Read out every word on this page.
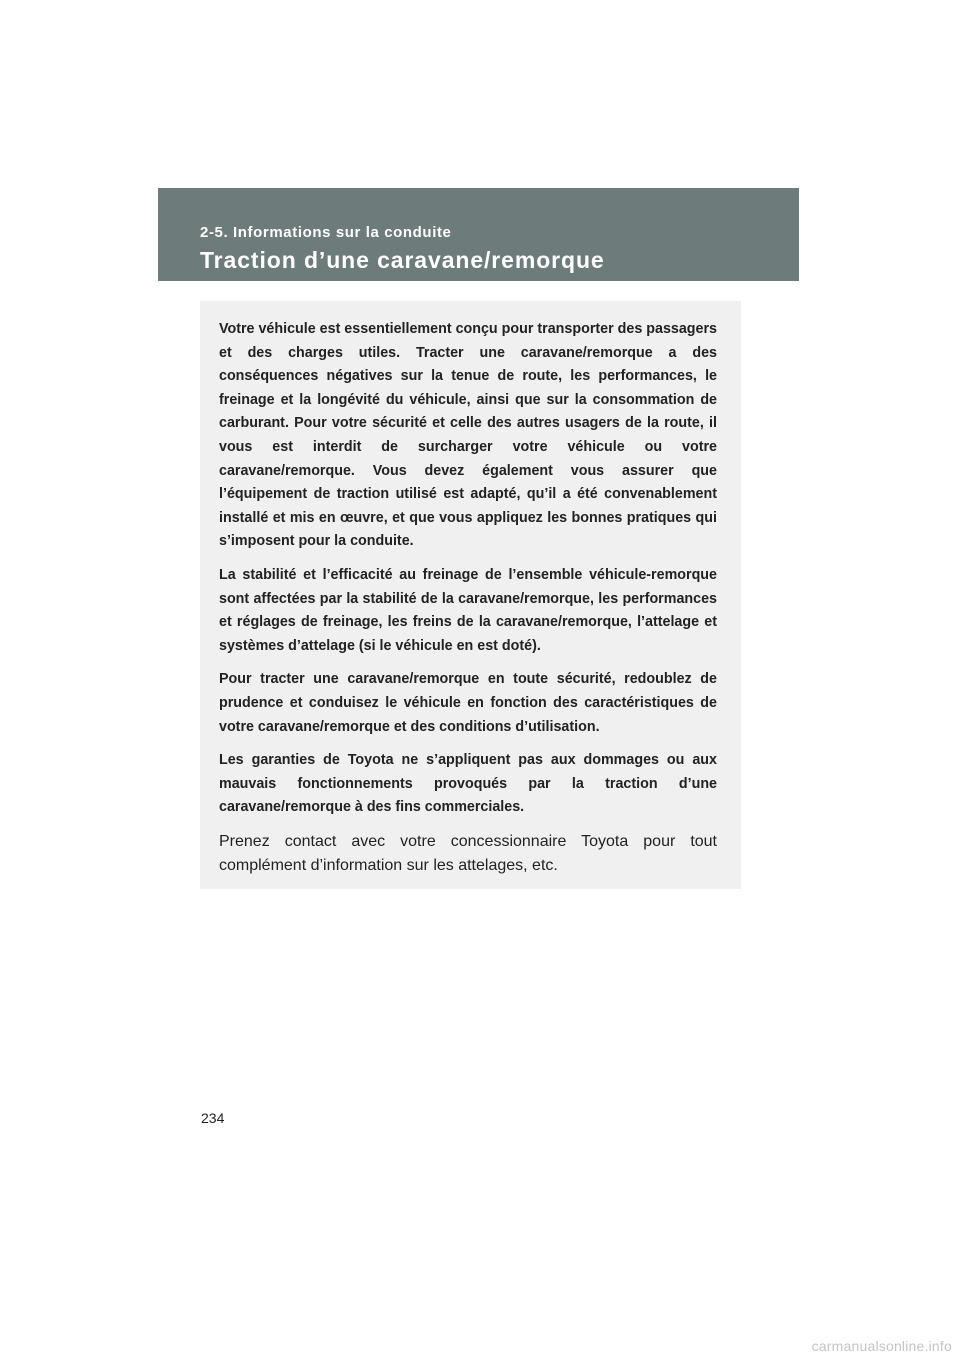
2-5. Informations sur la conduite
Traction d’une caravane/remorque

Votre véhicule est essentiellement conçu pour transporter des passagers et des charges utiles. Tracter une caravane/remorque a des conséquences négatives sur la tenue de route, les performances, le freinage et la longévité du véhicule, ainsi que sur la consommation de carburant. Pour votre sécurité et celle des autres usagers de la route, il vous est interdit de surcharger votre véhicule ou votre caravane/remorque. Vous devez également vous assurer que l’équipement de traction utilisé est adapté, qu’il a été convenablement installé et mis en œuvre, et que vous appliquez les bonnes pratiques qui s’imposent pour la conduite.

La stabilité et l’efficacité au freinage de l’ensemble véhicule-remorque sont affectées par la stabilité de la caravane/remorque, les performances et réglages de freinage, les freins de la caravane/remorque, l’attelage et systèmes d’attelage (si le véhicule en est doté).

Pour tracter une caravane/remorque en toute sécurité, redoublez de prudence et conduisez le véhicule en fonction des caractéristiques de votre caravane/remorque et des conditions d’utilisation.

Les garanties de Toyota ne s’appliquent pas aux dommages ou aux mauvais fonctionnements provoqués par la traction d’une caravane/remorque à des fins commerciales.

Prenez contact avec votre concessionnaire Toyota pour tout complément d’information sur les attelages, etc.

234
carmanualsonline.info
